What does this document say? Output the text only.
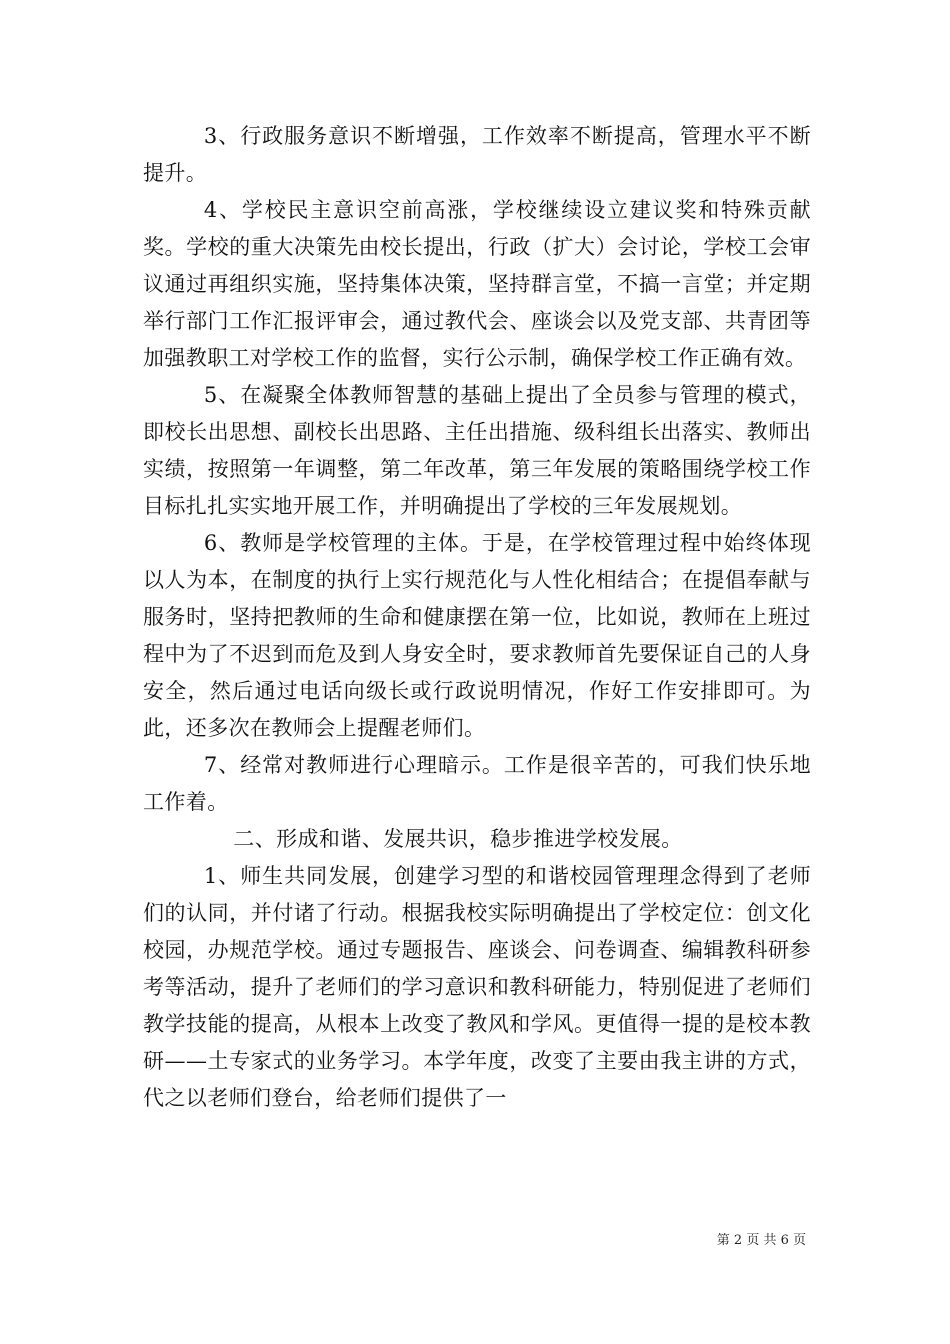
3、行政服务意识不断增强，工作效率不断提高，管理水平不断提升。

4、学校民主意识空前高涨，学校继续设立建议奖和特殊贡献奖。学校的重大决策先由校长提出，行政（扩大）会讨论，学校工会审议通过再组织实施，坚持集体决策，坚持群言堂，不搞一言堂；并定期举行部门工作汇报评审会，通过教代会、座谈会以及党支部、共青团等加强教职工对学校工作的监督，实行公示制，确保学校工作正确有效。

5、在凝聚全体教师智慧的基础上提出了全员参与管理的模式，即校长出思想、副校长出思路、主任出措施、级科组长出落实、教师出实绩，按照第一年调整，第二年改革，第三年发展的策略围绕学校工作目标扎扎实实地开展工作，并明确提出了学校的三年发展规划。

6、教师是学校管理的主体。于是，在学校管理过程中始终体现以人为本，在制度的执行上实行规范化与人性化相结合；在提倡奉献与服务时，坚持把教师的生命和健康摆在第一位，比如说，教师在上班过程中为了不迟到而危及到人身安全时，要求教师首先要保证自己的人身安全，然后通过电话向级长或行政说明情况，作好工作安排即可。为此，还多次在教师会上提醒老师们。

7、经常对教师进行心理暗示。工作是很辛苦的，可我们快乐地工作着。

二、形成和谐、发展共识，稳步推进学校发展。

1、师生共同发展，创建学习型的和谐校园管理理念得到了老师们的认同，并付诸了行动。根据我校实际明确提出了学校定位：创文化校园，办规范学校。通过专题报告、座谈会、问卷调查、编辑教科研参考等活动，提升了老师们的学习意识和教科研能力，特别促进了老师们教学技能的提高，从根本上改变了教风和学风。更值得一提的是校本教研——土专家式的业务学习。本学年度，改变了主要由我主讲的方式，代之以老师们登台，给老师们提供了一

第 2 页 共 6 页
